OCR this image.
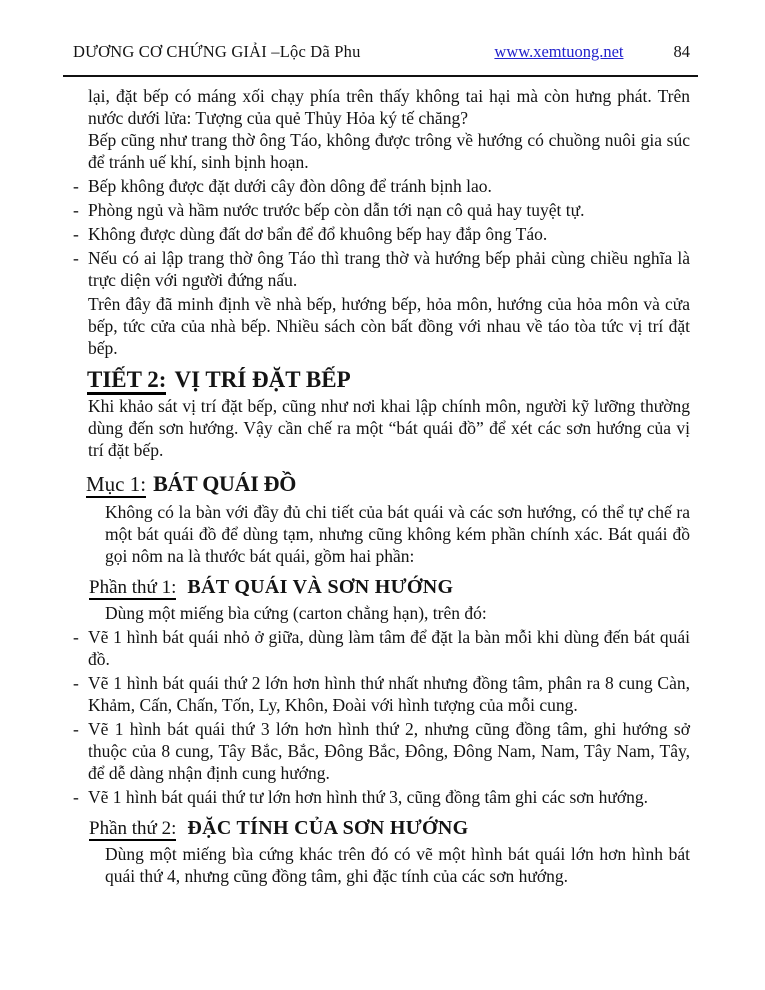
DƯƠNG CƠ CHỨNG GIẢI –Lộc Dã Phu	www.xemtuong.net	84

lại, đặt bếp có máng xối chạy phía trên thấy không tai hại mà còn hưng phát. Trên nước dưới lửa: Tượng của quẻ Thủy Hỏa ký tế chăng?

Bếp cũng như trang thờ ông Táo, không được trông về hướng có chuồng nuôi gia súc để tránh uế khí, sinh bịnh hoạn.

- Bếp không được đặt dưới cây đòn dông để tránh bịnh lao.
- Phòng ngủ và hầm nước trước bếp còn dẫn tới nạn cô quả hay tuyệt tự.
- Không được dùng đất dơ bẩn để đổ khuông bếp hay đắp ông Táo.
- Nếu có ai lập trang thờ ông Táo thì trang thờ và hướng bếp phải cùng chiều nghĩa là trực diện với người đứng nấu.

Trên đây đã minh định về nhà bếp, hướng bếp, hỏa môn, hướng của hỏa môn và cửa bếp, tức cửa của nhà bếp. Nhiều sách còn bất đồng với nhau về táo tòa tức vị trí đặt bếp.

TIẾT 2: VỊ TRÍ ĐẶT BẾP

Khi khảo sát vị trí đặt bếp, cũng như nơi khai lập chính môn, người kỹ lưỡng thường dùng đến sơn hướng. Vậy cần chế ra một “bát quái đồ” để xét các sơn hướng của vị trí đặt bếp.

Mục 1: BÁT QUÁI ĐỒ

Không có la bàn với đầy đủ chi tiết của bát quái và các sơn hướng, có thể tự chế ra một bát quái đồ để dùng tạm, nhưng cũng không kém phần chính xác. Bát quái đồ gọi nôm na là thước bát quái, gồm hai phần:

Phần thứ 1: BÁT QUÁI VÀ SƠN HƯỚNG

Dùng một miếng bìa cứng (carton chẳng hạn), trên đó:

- Vẽ 1 hình bát quái nhỏ ở giữa, dùng làm tâm để đặt la bàn mỗi khi dùng đến bát quái đồ.
- Vẽ 1 hình bát quái thứ 2 lớn hơn hình thứ nhất nhưng đồng tâm, phân ra 8 cung Càn, Khảm, Cấn, Chấn, Tốn, Ly, Khôn, Đoài với hình tượng của mỗi cung.
- Vẽ 1 hình bát quái thứ 3 lớn hơn hình thứ 2, nhưng cũng đồng tâm, ghi hướng sở thuộc của 8 cung, Tây Bắc, Bắc, Đông Bắc, Đông, Đông Nam, Nam, Tây Nam, Tây, để dễ dàng nhận định cung hướng.
- Vẽ 1 hình bát quái thứ tư lớn hơn hình thứ 3, cũng đồng tâm ghi các sơn hướng.
Phần thứ 2: ĐẶC TÍNH CỦA SƠN HƯỚNG

Dùng một miếng bìa cứng khác trên đó có vẽ một hình bát quái lớn hơn hình bát quái thứ 4, nhưng cũng đồng tâm, ghi đặc tính của các sơn hướng.
